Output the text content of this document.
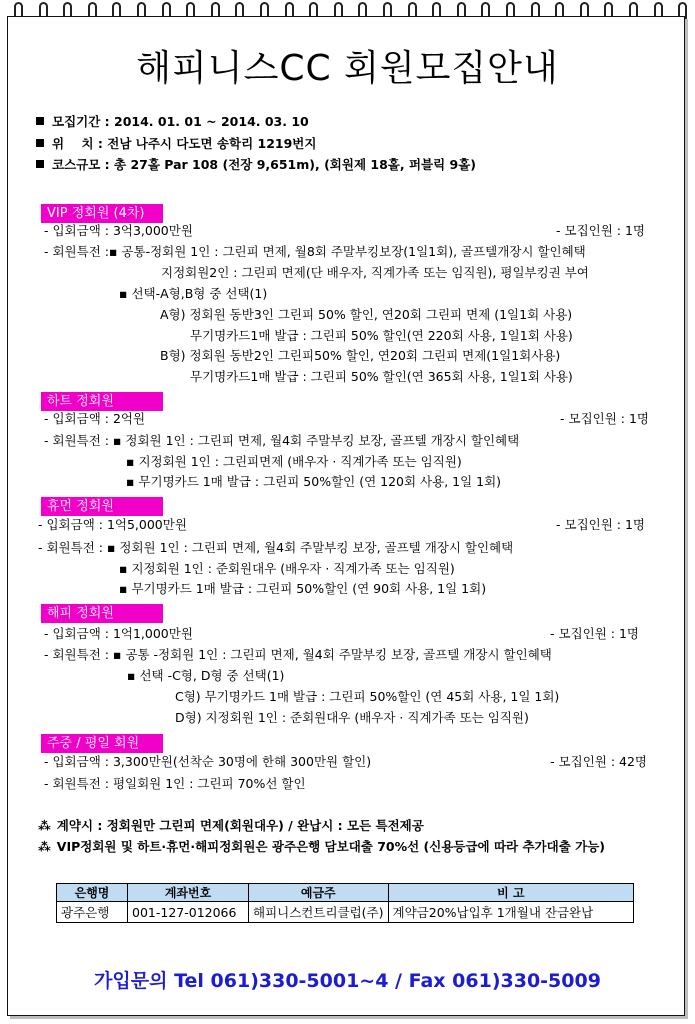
해피니스CC 회원모집안내
모집기간 : 2014. 01. 01 ~ 2014. 03. 10
위    치 : 전남 나주시 다도면 송학리 1219번지
코스규모 : 총 27홀 Par 108 (전장 9,651m), (회원제 18홀, 퍼블릭 9홀)
VIP 정회원 (4차)
- 입회금액 : 3억3,000만원	- 모집인원 : 1명
- 회원특전 :▪ 공통-정회원 1인 : 그린피 면제, 월8회 주말부킹보장(1일1회), 골프텔개장시 할인혜택
지정회원2인 : 그린피 면제(단 배우자, 직계가족 또는 임직원), 평일부킹권 부여
▪ 선택-A형,B형 중 선택(1)
A형) 정회원 동반3인 그린피 50% 할인, 연20회 그린피 면제 (1일1회 사용)
무기명카드1매 발급 : 그린피 50% 할인(연 220회 사용, 1일1회 사용)
B형) 정회원 동반2인 그린피50% 할인, 연20회 그린피 면제(1일1회사용)
무기명카드1매 발급 : 그린피 50% 할인(연 365회 사용, 1일1회 사용)
하트 정회원
- 입회금액 : 2억원	- 모집인원 : 1명
- 회원특전 : ▪ 정회원 1인 : 그린피 면제, 월4회 주말부킹 보장, 골프텔 개장시 할인혜택
▪ 지정회원 1인 : 그린피면제 (배우자 · 직계가족 또는 임직원)
▪ 무기명카드 1매 발급 : 그린피 50%할인 (연 120회 사용, 1일 1회)
휴먼 정회원
- 입회금액 : 1억5,000만원	- 모집인원 : 1명
- 회원특전 : ▪ 정회원 1인 : 그린피 면제, 월4회 주말부킹 보장, 골프텔 개장시 할인혜택
▪ 지정회원 1인 : 준회원대우 (배우자 · 직계가족 또는 임직원)
▪ 무기명카드 1매 발급 : 그린피 50%할인 (연 90회 사용, 1일 1회)
해피 정회원
- 입회금액 : 1억1,000만원	- 모집인원 : 1명
- 회원특전 : ▪ 공통 -정회원 1인 : 그린피 면제, 월4회 주말부킹 보장, 골프텔 개장시 할인혜택
▪ 선택 -C형, D형 중 선택(1)
C형) 무기명카드 1매 발급 : 그린피 50%할인 (연 45회 사용, 1일 1회)
D형) 지정회원 1인 : 준회원대우 (배우자 · 직계가족 또는 임직원)
주중 / 평일 회원
- 입회금액 : 3,300만원(선착순 30명에 한해 300만원 할인)	- 모집인원 : 42명
- 회원특전 : 평일회원 1인 : 그린피 70%선 할인
⁂ 계약시 : 정회원만 그린피 면제(회원대우) / 완납시 : 모든 특전제공
⁂ VIP정회원 및 하트·휴먼·해피정회원은 광주은행 담보대출 70%선 (신용등급에 따라 추가대출 가능)
은행명	계좌번호	예금주	비 고
광주은행	001-127-012066	해피니스컨트리클럽(주)	계약금20%납입후 1개월내 잔금완납
가입문의 Tel 061)330-5001~4 / Fax 061)330-5009
